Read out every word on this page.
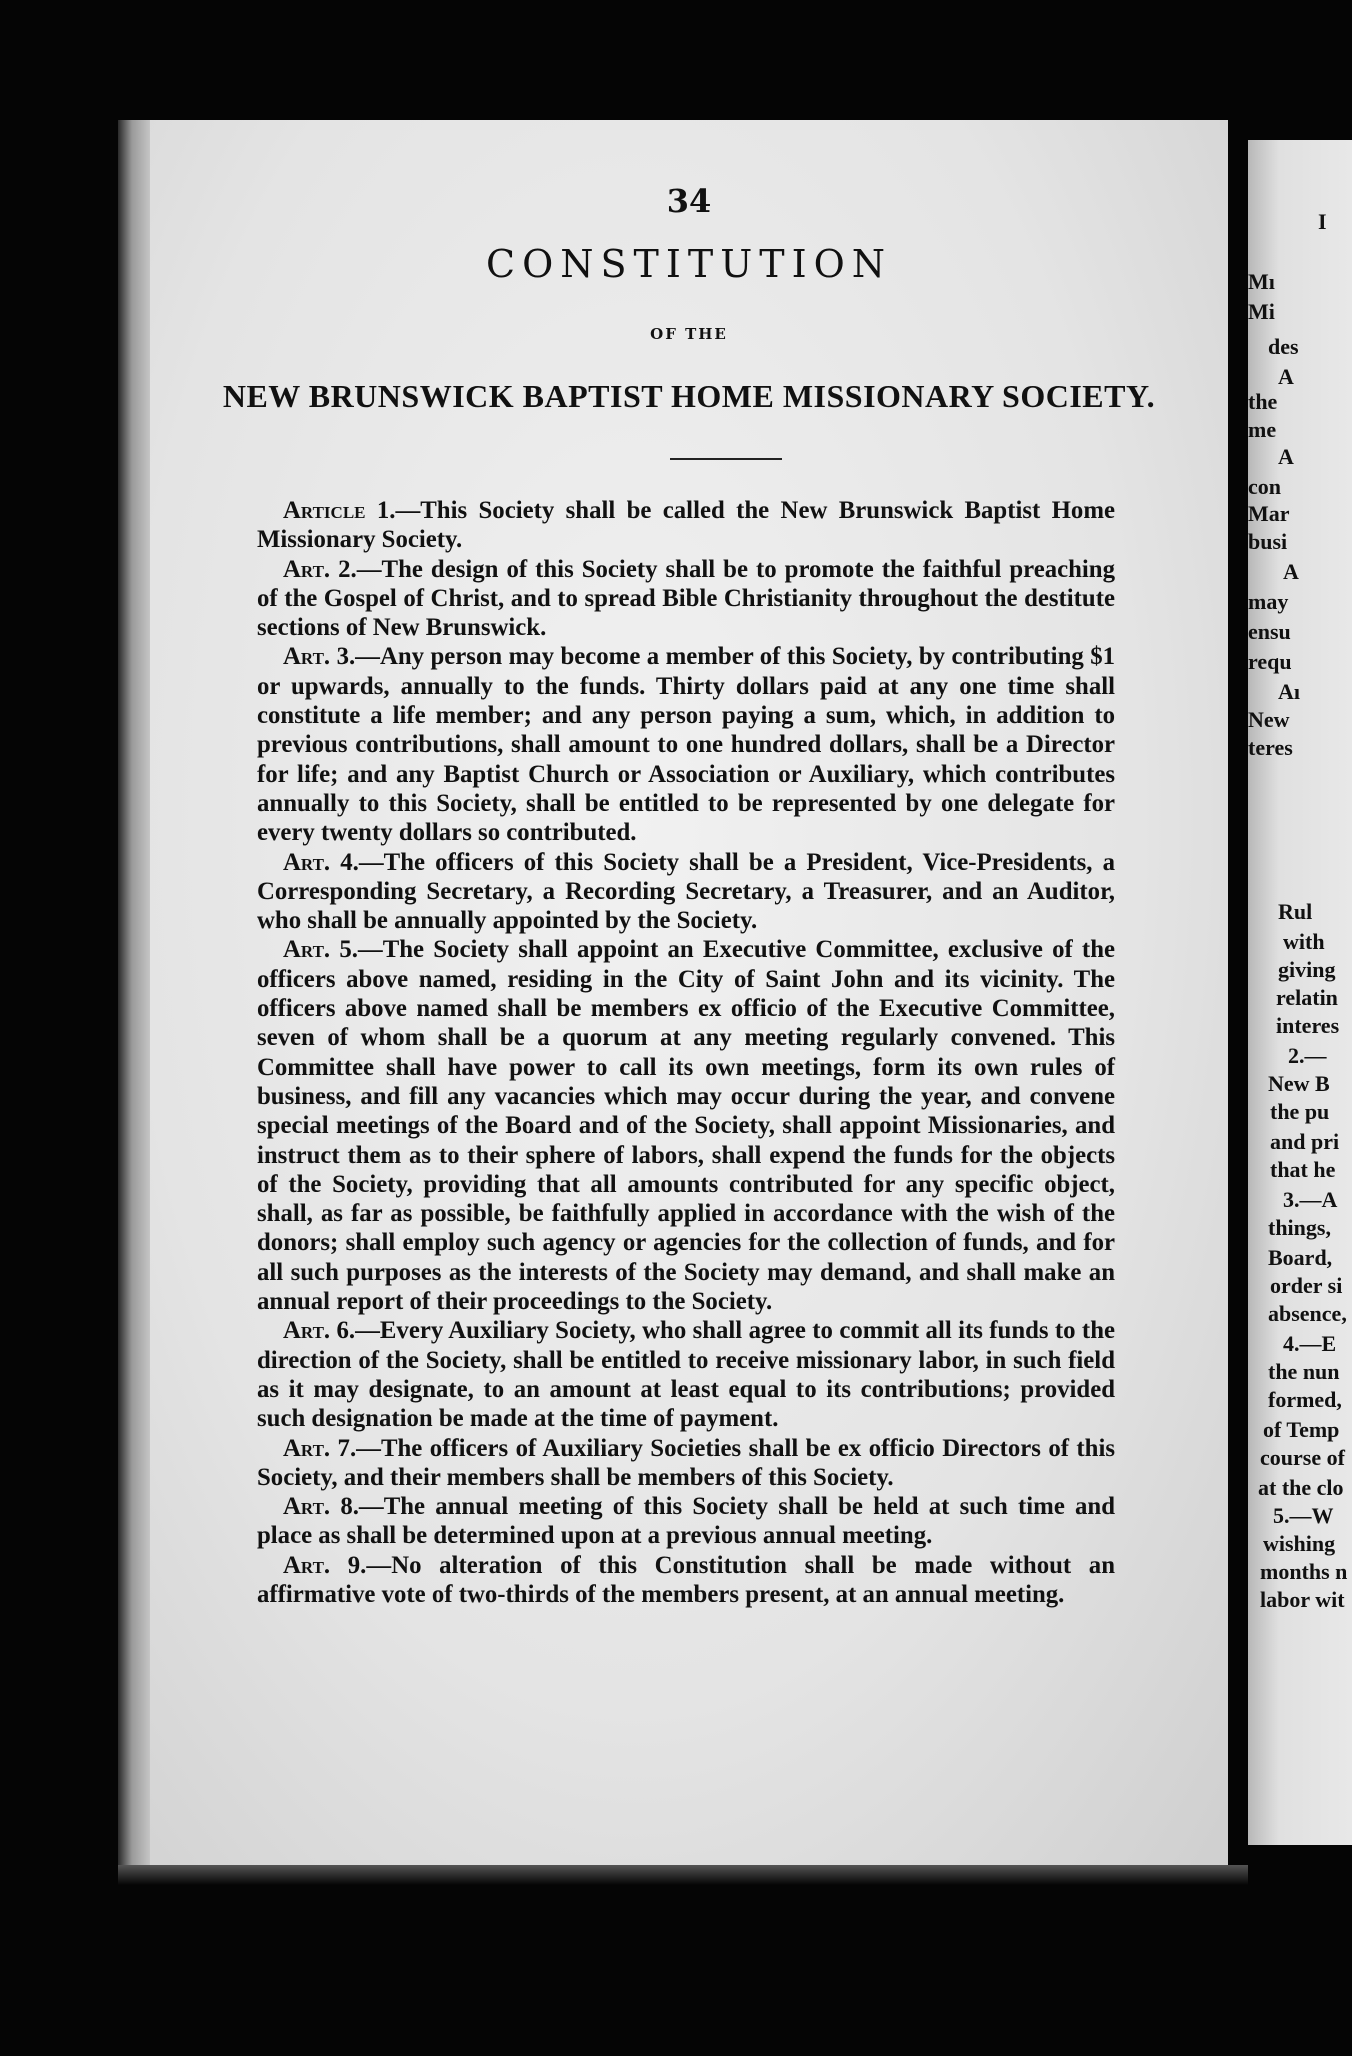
34
CONSTITUTION
OF THE
NEW BRUNSWICK BAPTIST HOME MISSIONARY SOCIETY.

Article 1.—This Society shall be called the New Brunswick Baptist Home Missionary Society.

Art. 2.—The design of this Society shall be to promote the faithful preaching of the Gospel of Christ, and to spread Bible Christianity throughout the destitute sections of New Brunswick.

Art. 3.—Any person may become a member of this Society, by contributing $1 or upwards, annually to the funds. Thirty dollars paid at any one time shall constitute a life member; and any person paying a sum, which, in addition to previous contributions, shall amount to one hundred dollars, shall be a Director for life; and any Baptist Church or Association or Auxiliary, which contributes annually to this Society, shall be entitled to be represented by one delegate for every twenty dollars so contributed.

Art. 4.—The officers of this Society shall be a President, Vice-Presidents, a Corresponding Secretary, a Recording Secretary, a Treasurer, and an Auditor, who shall be annually appointed by the Society.

Art. 5.—The Society shall appoint an Executive Committee, exclusive of the officers above named, residing in the City of Saint John and its vicinity. The officers above named shall be members ex officio of the Executive Committee, seven of whom shall be a quorum at any meeting regularly convened. This Committee shall have power to call its own meetings, form its own rules of business, and fill any vacancies which may occur during the year, and convene special meetings of the Board and of the Society, shall appoint Missionaries, and instruct them as to their sphere of labors, shall expend the funds for the objects of the Society, providing that all amounts contributed for any specific object, shall, as far as possible, be faithfully applied in accordance with the wish of the donors; shall employ such agency or agencies for the collection of funds, and for all such purposes as the interests of the Society may demand, and shall make an annual report of their proceedings to the Society.

Art. 6.—Every Auxiliary Society, who shall agree to commit all its funds to the direction of the Society, shall be entitled to receive missionary labor, in such field as it may designate, to an amount at least equal to its contributions; provided such designation be made at the time of payment.

Art. 7.—The officers of Auxiliary Societies shall be ex officio Directors of this Society, and their members shall be members of this Society.

Art. 8.—The annual meeting of this Society shall be held at such time and place as shall be determined upon at a previous annual meeting.

Art. 9.—No alteration of this Constitution shall be made without an affirmative vote of two-thirds of the members present, at an annual meeting.

I
Mı
Mi
des
A
the
me
A
con
Mar
busi
A
may
ensu
requ
Aı
New
teres
Rul
with
giving
relatin
interes
2.—
New B
the pu
and pri
that he
3.—A
things,
Board,
order si
absence,
4.—E
the nun
formed,
of Temp
course of
at the clo
5.—W
wishing
months n
labor wit
